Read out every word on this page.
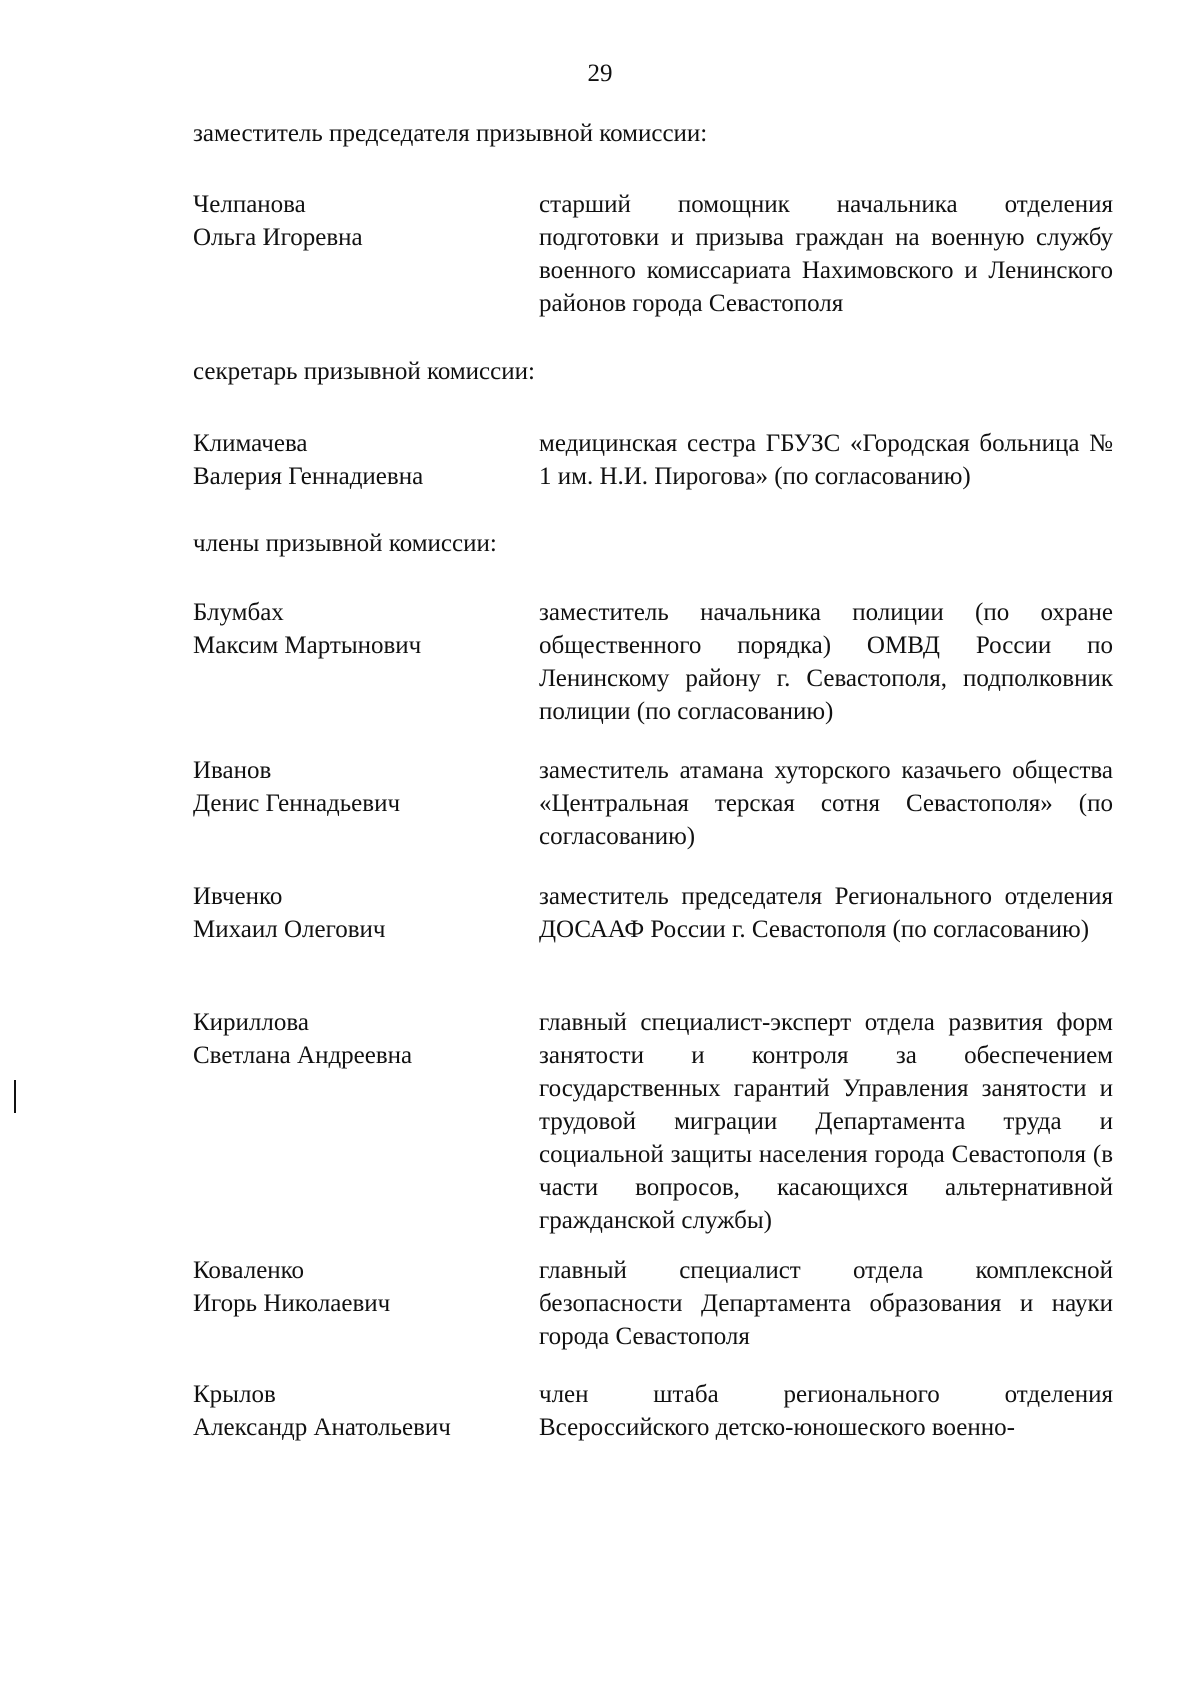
29
заместитель председателя призывной комиссии:
Челпанова
Ольга Игоревна
старший помощник начальника отделения подготовки и призыва граждан на военную службу военного комиссариата Нахимовского и Ленинского районов города Севастополя
секретарь призывной комиссии:
Климачева
Валерия Геннадиевна
медицинская сестра ГБУЗС «Городская больница № 1 им. Н.И. Пирогова» (по согласованию)
члены призывной комиссии:
Блумбах
Максим Мартынович
заместитель начальника полиции (по охране общественного порядка) ОМВД России по Ленинскому району г. Севастополя, подполковник полиции (по согласованию)
Иванов
Денис Геннадьевич
заместитель атамана хуторского казачьего общества «Центральная терская сотня Севастополя» (по согласованию)
Ивченко
Михаил Олегович
заместитель председателя Регионального отделения ДОСААФ России г. Севастополя (по согласованию)
Кириллова
Светлана Андреевна
главный специалист-эксперт отдела развития форм занятости и контроля за обеспечением государственных гарантий Управления занятости и трудовой миграции Департамента труда и социальной защиты населения города Севастополя (в части вопросов, касающихся альтернативной гражданской службы)
Коваленко
Игорь Николаевич
главный специалист отдела комплексной безопасности Департамента образования и науки города Севастополя
Крылов
Александр Анатольевич
член штаба регионального отделения Всероссийского детско-юношеского военно-
